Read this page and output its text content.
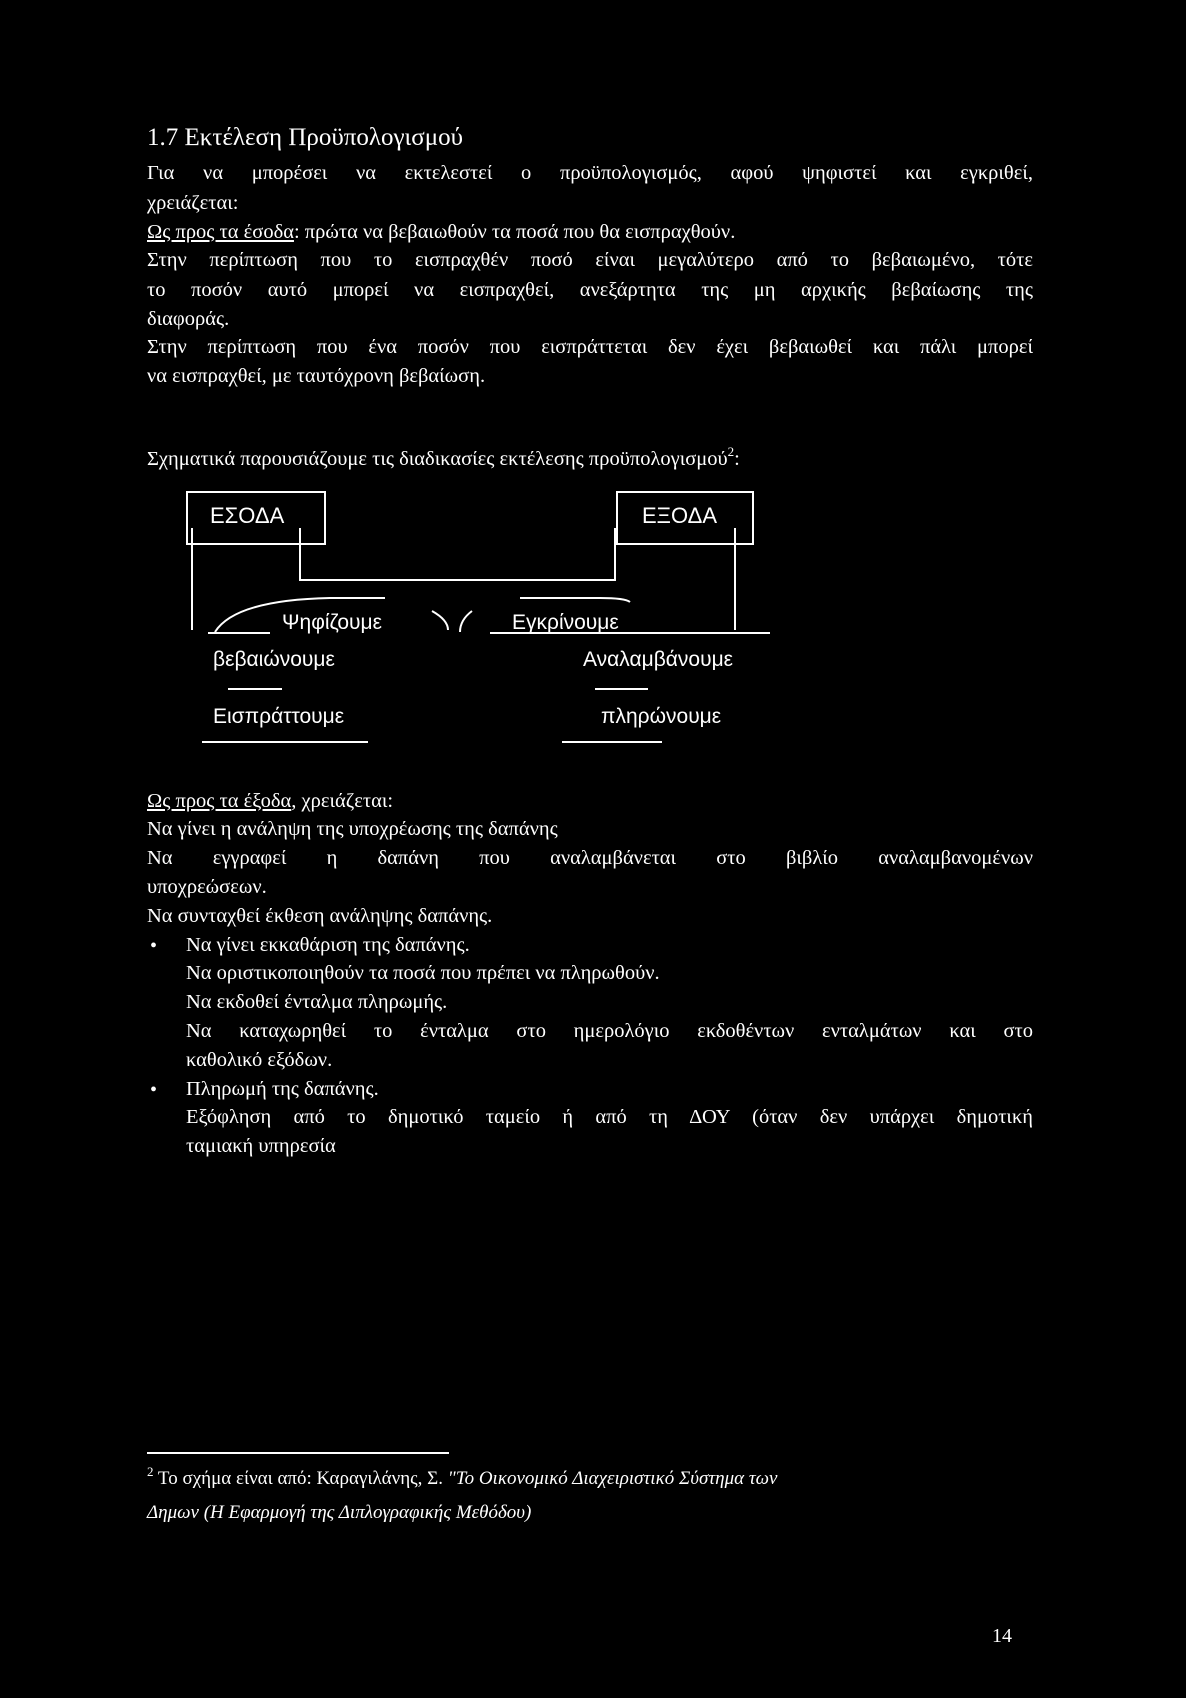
1.7 Εκτέλεση Προϋπολογισμού
Για να μπορέσει να εκτελεστεί ο προϋπολογισμός, αφού ψηφιστεί και εγκριθεί,
χρειάζεται:
Ως προς τα έσοδα: πρώτα να βεβαιωθούν τα ποσά που θα εισπραχθούν.
Στην περίπτωση που το εισπραχθέν ποσό είναι μεγαλύτερο από το βεβαιωμένο, τότε
το ποσόν αυτό μπορεί να εισπραχθεί, ανεξάρτητα της μη αρχικής βεβαίωσης της
διαφοράς.
Στην περίπτωση που ένα ποσόν που εισπράττεται δεν έχει βεβαιωθεί και πάλι μπορεί
να εισπραχθεί, με ταυτόχρονη βεβαίωση.
Σχηματικά παρουσιάζουμε τις διαδικασίες εκτέλεσης προϋπολογισμού$^2$:
ΕΣΟΔΑ	ΕΞΟΔΑ
Ψηφίζουμε	Εγκρίνουμε
βεβαιώνουμε
Εισπράττουμε
Αναλαμβάνουμε
πληρώνουμε
Ως προς τα έξοδα, χρειάζεται:
Να γίνει η ανάληψη της υποχρέωσης της δαπάνης
Να εγγραφεί η δαπάνη που αναλαμβάνεται στο βιβλίο αναλαμβανομένων
υποχρεώσεων.
Να συνταχθεί έκθεση ανάληψης δαπάνης.
• Να γίνει εκκαθάριση της δαπάνης.
Να οριστικοποιηθούν τα ποσά που πρέπει να πληρωθούν.
Να εκδοθεί ένταλμα πληρωμής.
Να καταχωρηθεί το ένταλμα στο ημερολόγιο εκδοθέντων ενταλμάτων και στο
καθολικό εξόδων.
• Πληρωμή της δαπάνης.
Εξόφληση από το δημοτικό ταμείο ή από τη ΔΟΥ (όταν δεν υπάρχει δημοτική
ταμιακή υπηρεσία
$^2$ Το σχήμα είναι από: Καραγιλάνης, Σ. "Το Οικονομικό Διαχειριστικό Σύστημα των
Δημων (Η Εφαρμογή της Διπλογραφικής Μεθόδου)
14
